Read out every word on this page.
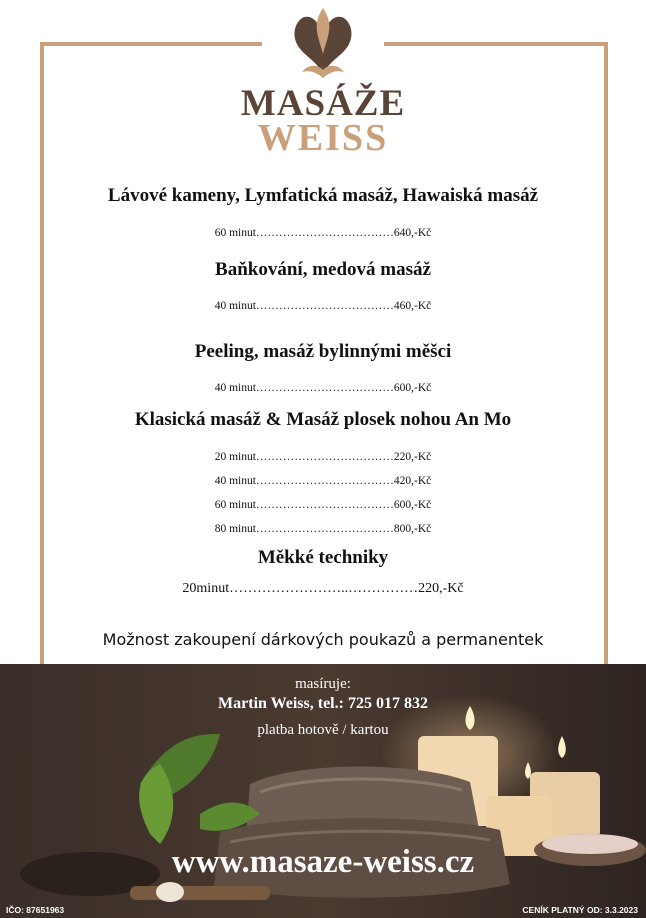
MASÁŽE
WEISS
Lávové kameny, Lymfatická masáž, Hawaiská masáž
60 minut………………………………640,-Kč
Baňkování, medová masáž
40 minut………………………………460,-Kč
Peeling, masáž bylinnými měšci
40 minut………………………………600,-Kč
Klasická masáž & Masáž plosek nohou An Mo
20 minut………………………………220,-Kč
40 minut………………………………420,-Kč
60 minut………………………………600,-Kč
80 minut………………………………800,-Kč
Měkké techniky
20minut……………………..……………220,-Kč
Možnost zakoupení dárkových poukazů a permanentek
masíruje:
Martin Weiss, tel.: 725 017 832
platba hotově / kartou
www.masaze-weiss.cz
IČO: 87651963	CENÍK PLATNÝ OD: 3.3.2023
